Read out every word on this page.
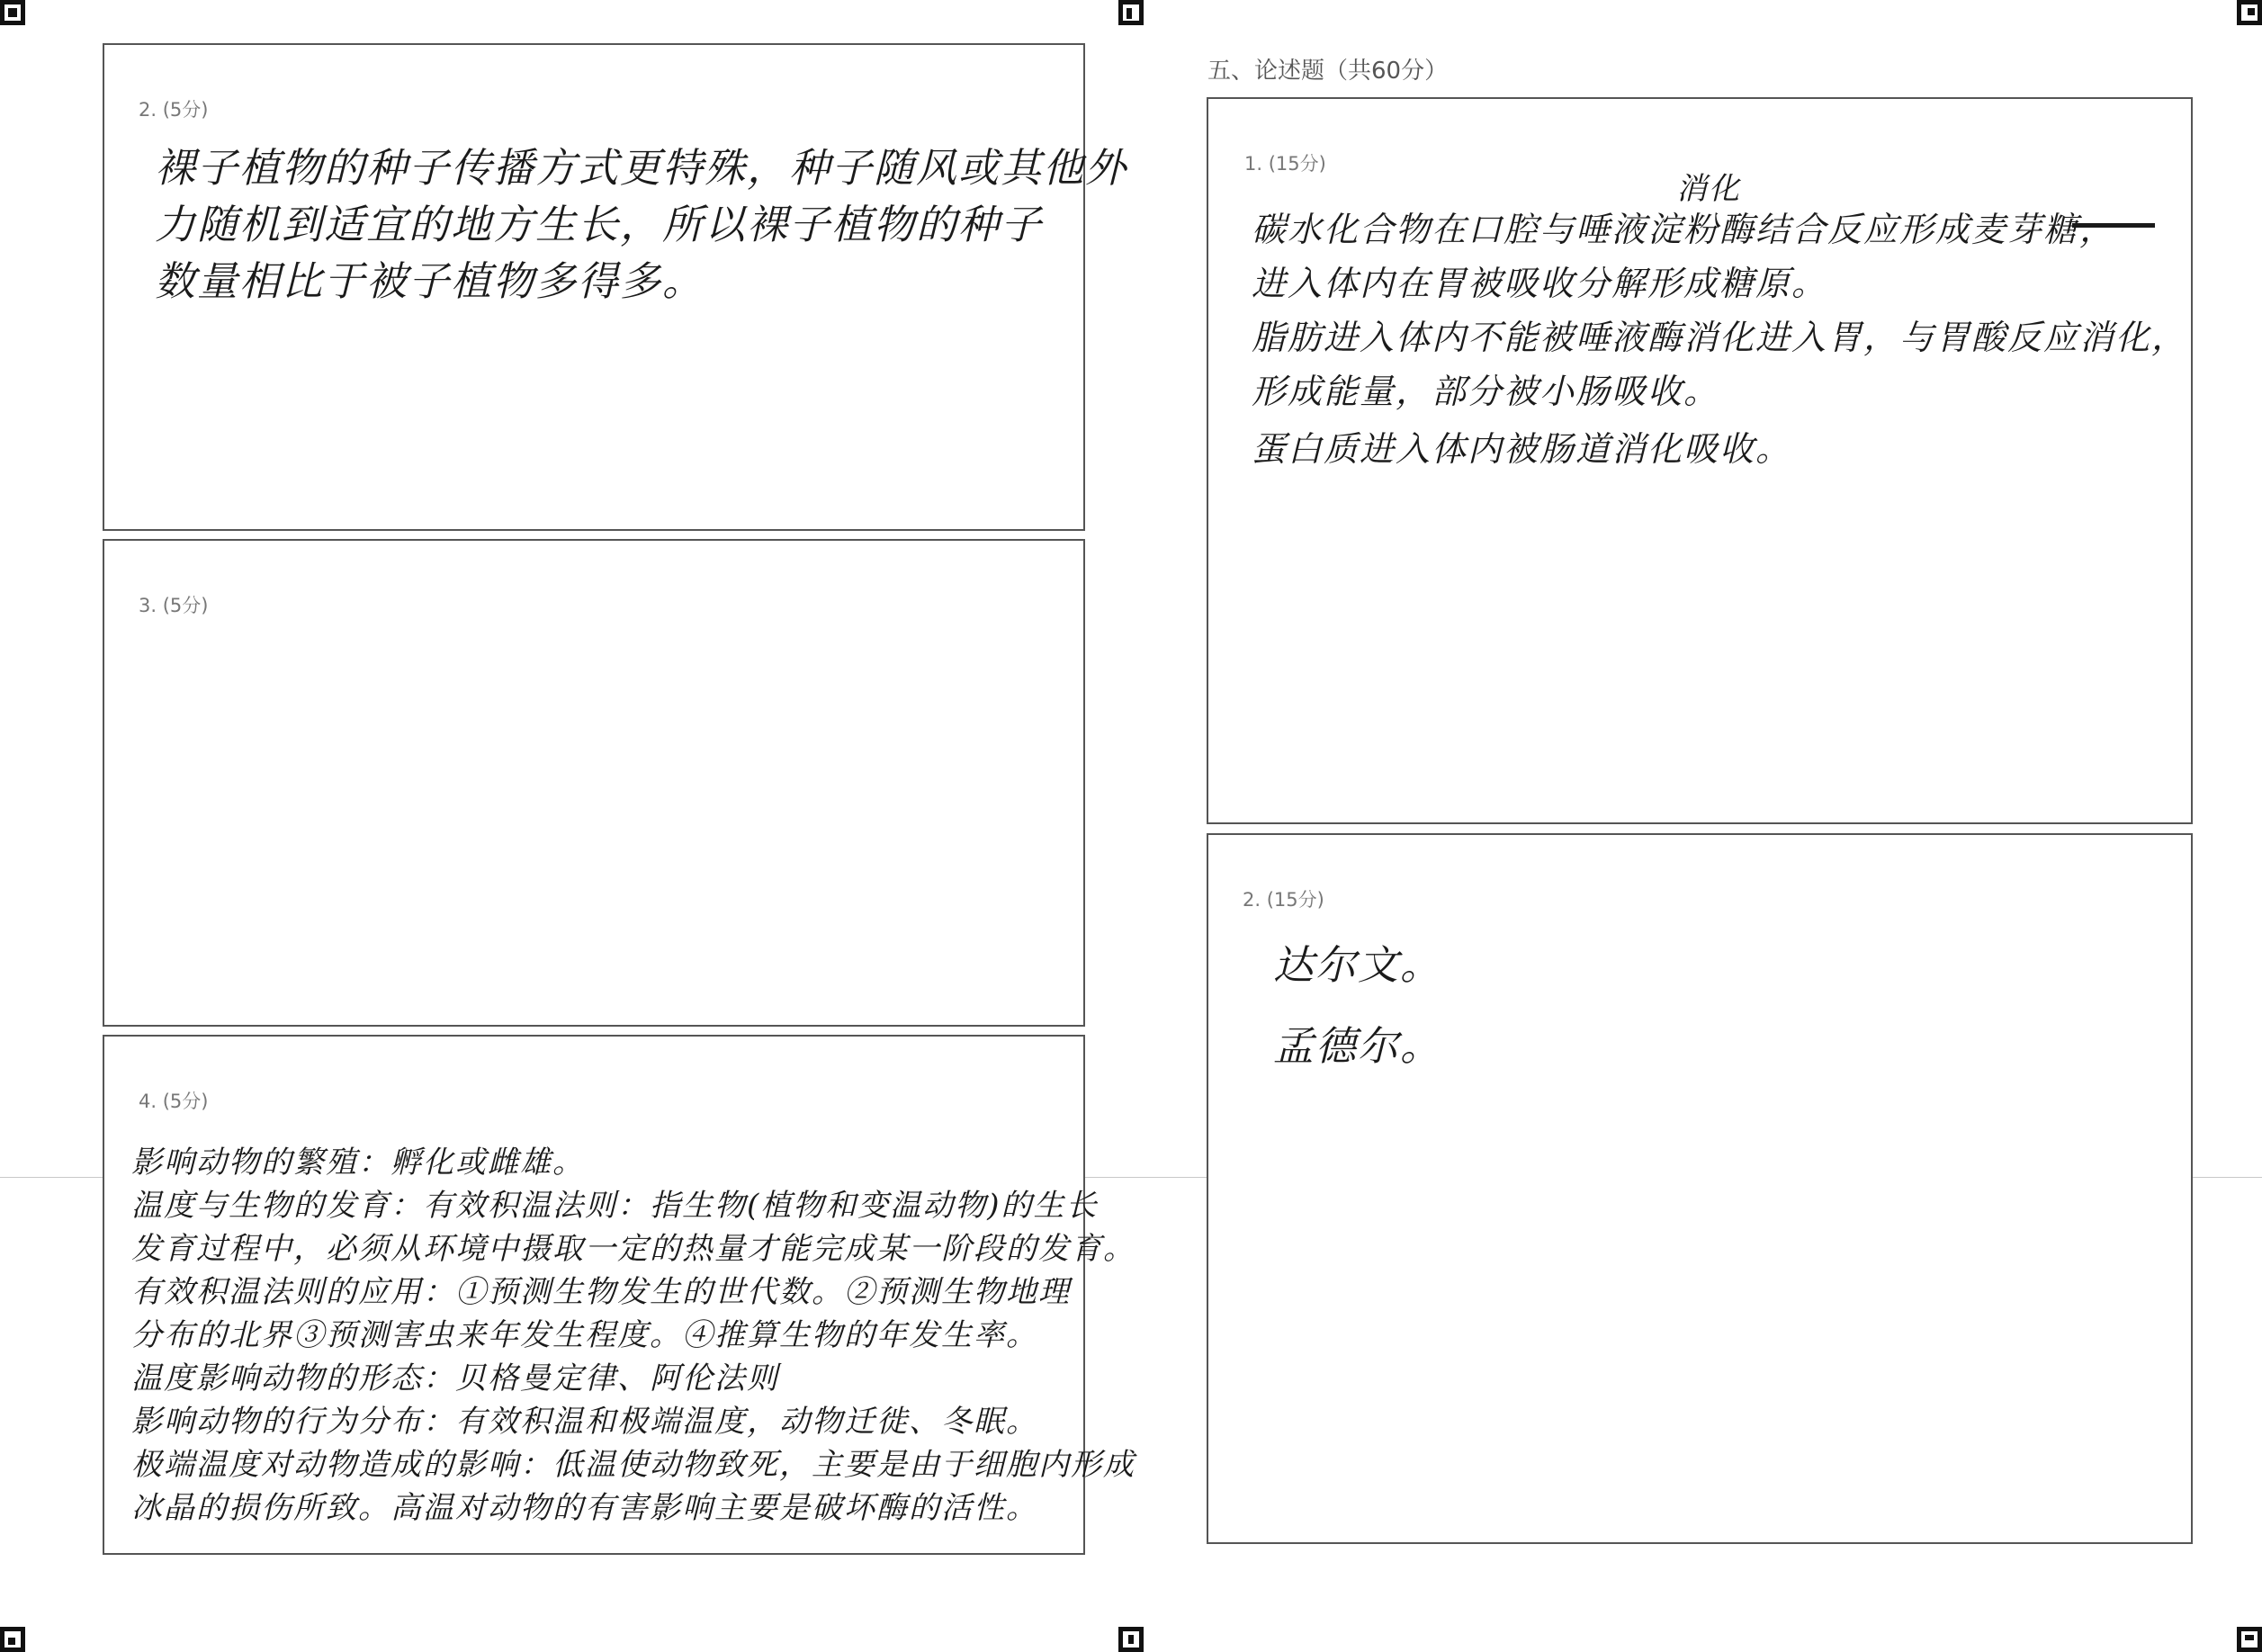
2. (5分)
裸子植物的种子传播方式更特殊，种子随风或其他外
力随机到适宜的地方生长，所以裸子植物的种子
数量相比于被子植物多得多。
3. (5分)
4. (5分)
影响动物的繁殖：孵化或雌雄。
温度与生物的发育：有效积温法则：指生物(植物和变温动物)的生长
发育过程中，必须从环境中摄取一定的热量才能完成某一阶段的发育。
有效积温法则的应用：①预测生物发生的世代数。②预测生物地理
分布的北界③预测害虫来年发生程度。④推算生物的年发生率。
温度影响动物的形态：贝格曼定律、阿伦法则
影响动物的行为分布：有效积温和极端温度，动物迁徙、冬眠。
极端温度对动物造成的影响：低温使动物致死，主要是由于细胞内形成
冰晶的损伤所致。高温对动物的有害影响主要是破坏酶的活性。
五、论述题（共60分）
1. (15分)
消化
碳水化合物在口腔与唾液淀粉酶结合反应形成麦芽糖，
进入体内在胃被吸收分解形成糖原。
脂肪进入体内不能被唾液酶消化进入胃，与胃酸反应消化，
形成能量，部分被小肠吸收。
蛋白质进入体内被肠道消化吸收。
2. (15分)
达尔文。
孟德尔。
